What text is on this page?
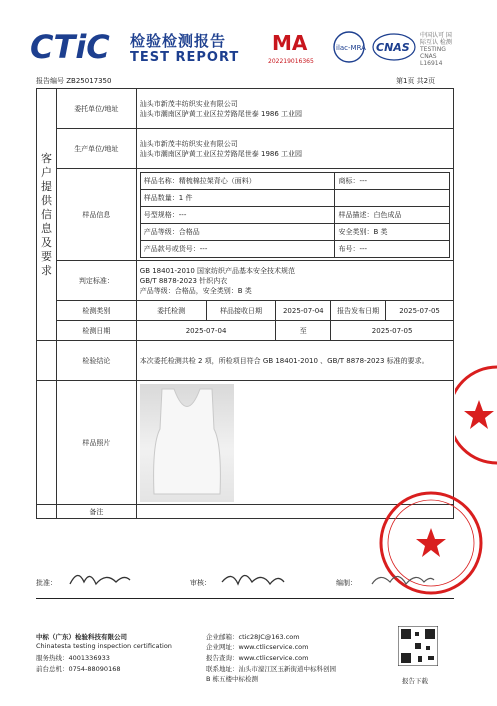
CTiC 检验检测报告
TEST REPORT
MA
202219016365
ilac-MRA CNAS
中国认可 国际互认 检测 TESTING CNAS L16914
报告编号 ZB25017350	第1页 共2页
客户提供信息及要求
	委托单位/地址	
汕头市新茂丰纺织实业有限公司
汕头市潮南区胪黄工业区拉芳路尾世泰 1986 工业园

生产单位/地址	
汕头市新茂丰纺织实业有限公司
汕头市潮南区胪黄工业区拉芳路尾世泰 1986 工业园

样品信息	
样品名称：精梳棉拉架背心（面料）	商标：---
样品数量：1 件	
号型规格：---	样品描述：白色成品
产品等级：合格品	安全类别：B 类
产品款号或货号：---	布号：---

判定标准：	
GB 18401-2010 国家纺织产品基本安全技术规范
GB/T 8878-2023 针织内衣
产品等级：合格品，安全类别：B 类

检测类别	委托检测	样品接收日期	2025-07-04	报告发布日期	2025-07-05
检测日期	2025-07-04	至	2025-07-05
	检验结论	本次委托检测共检 2 项，所检项目符合 GB 18401-2010 、GB/T 8878-2023 标准的要求。
	样品照片	

	备注	
批准：	审核：	编制：
中标（广东）检验科技有限公司
Chinatesta testing inspection certification
服务热线：4001336933
前台总机：0754-88090168
企业邮箱：ctic28JC@163.com
企业网址：www.ctlicservice.com
报告查询：www.ctlicservice.com
联系地址：汕头市濠江区玉新街道中标科创园
B 栋五楼中标检测	报告下载
